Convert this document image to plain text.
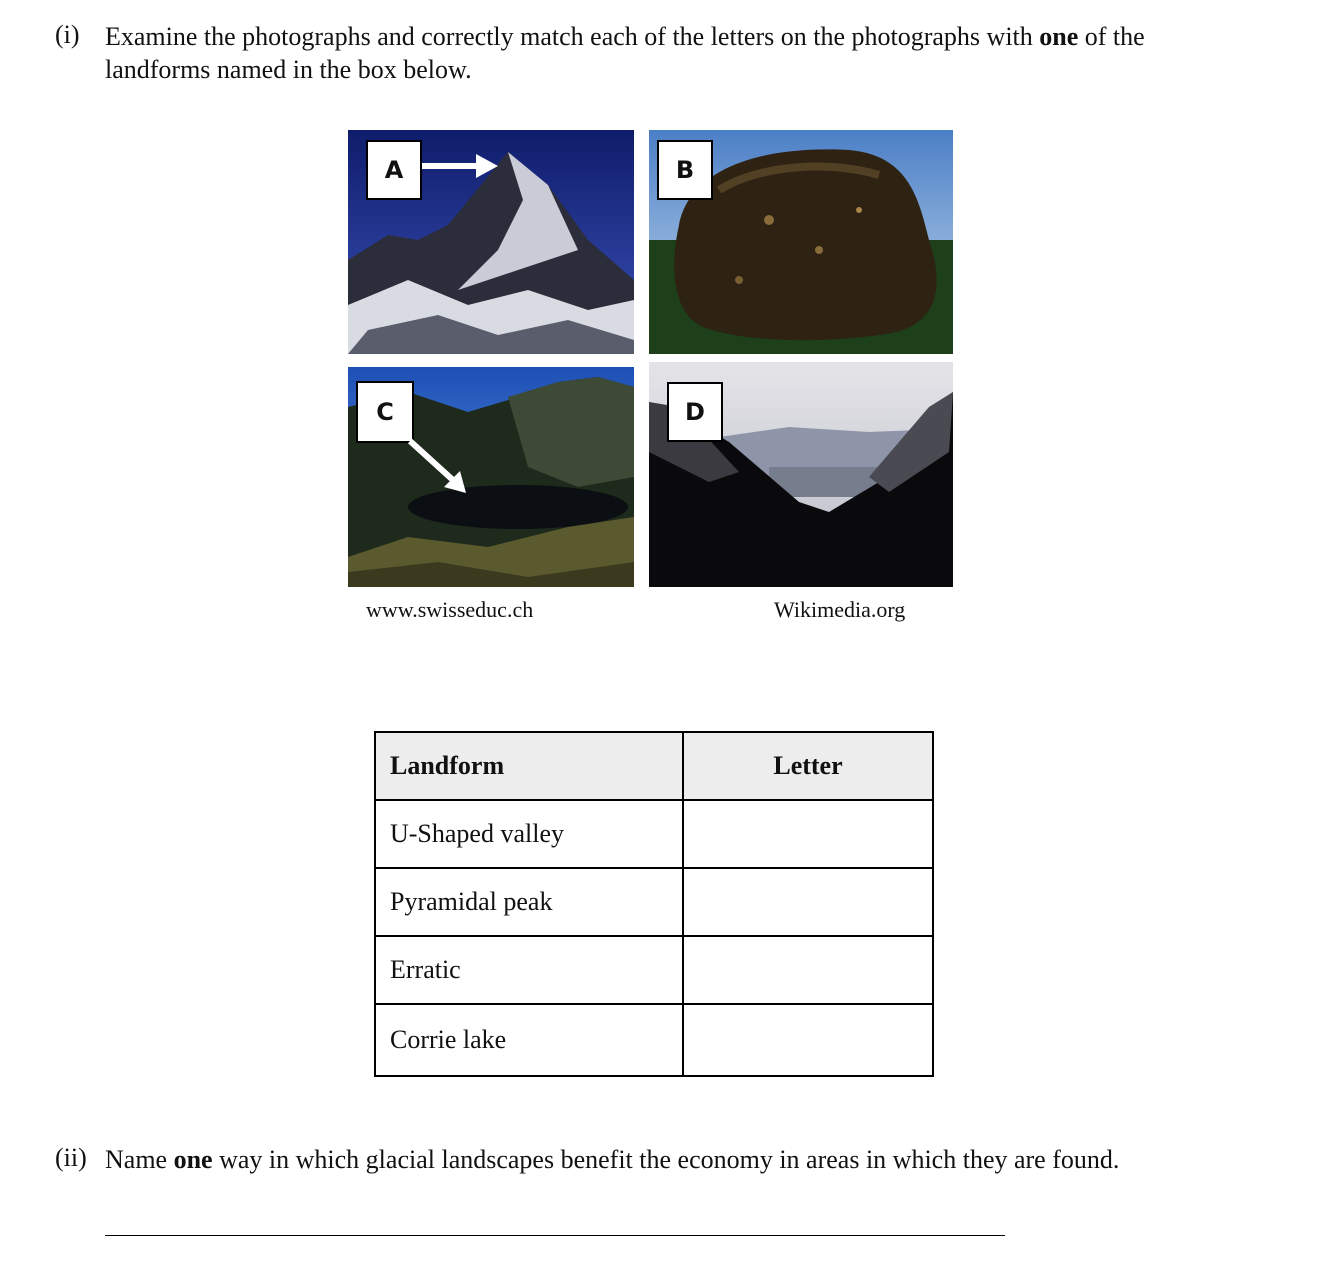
(i) Examine the photographs and correctly match each of the letters on the photographs with one of the
landforms named in the box below.
A	B
C	D
www.swisseduc.ch	Wikimedia.org
Landform	Letter
U-Shaped valley	
Pyramidal peak	
Erratic	
Corrie lake	
(ii) Name one way in which glacial landscapes benefit the economy in areas in which they are found.
